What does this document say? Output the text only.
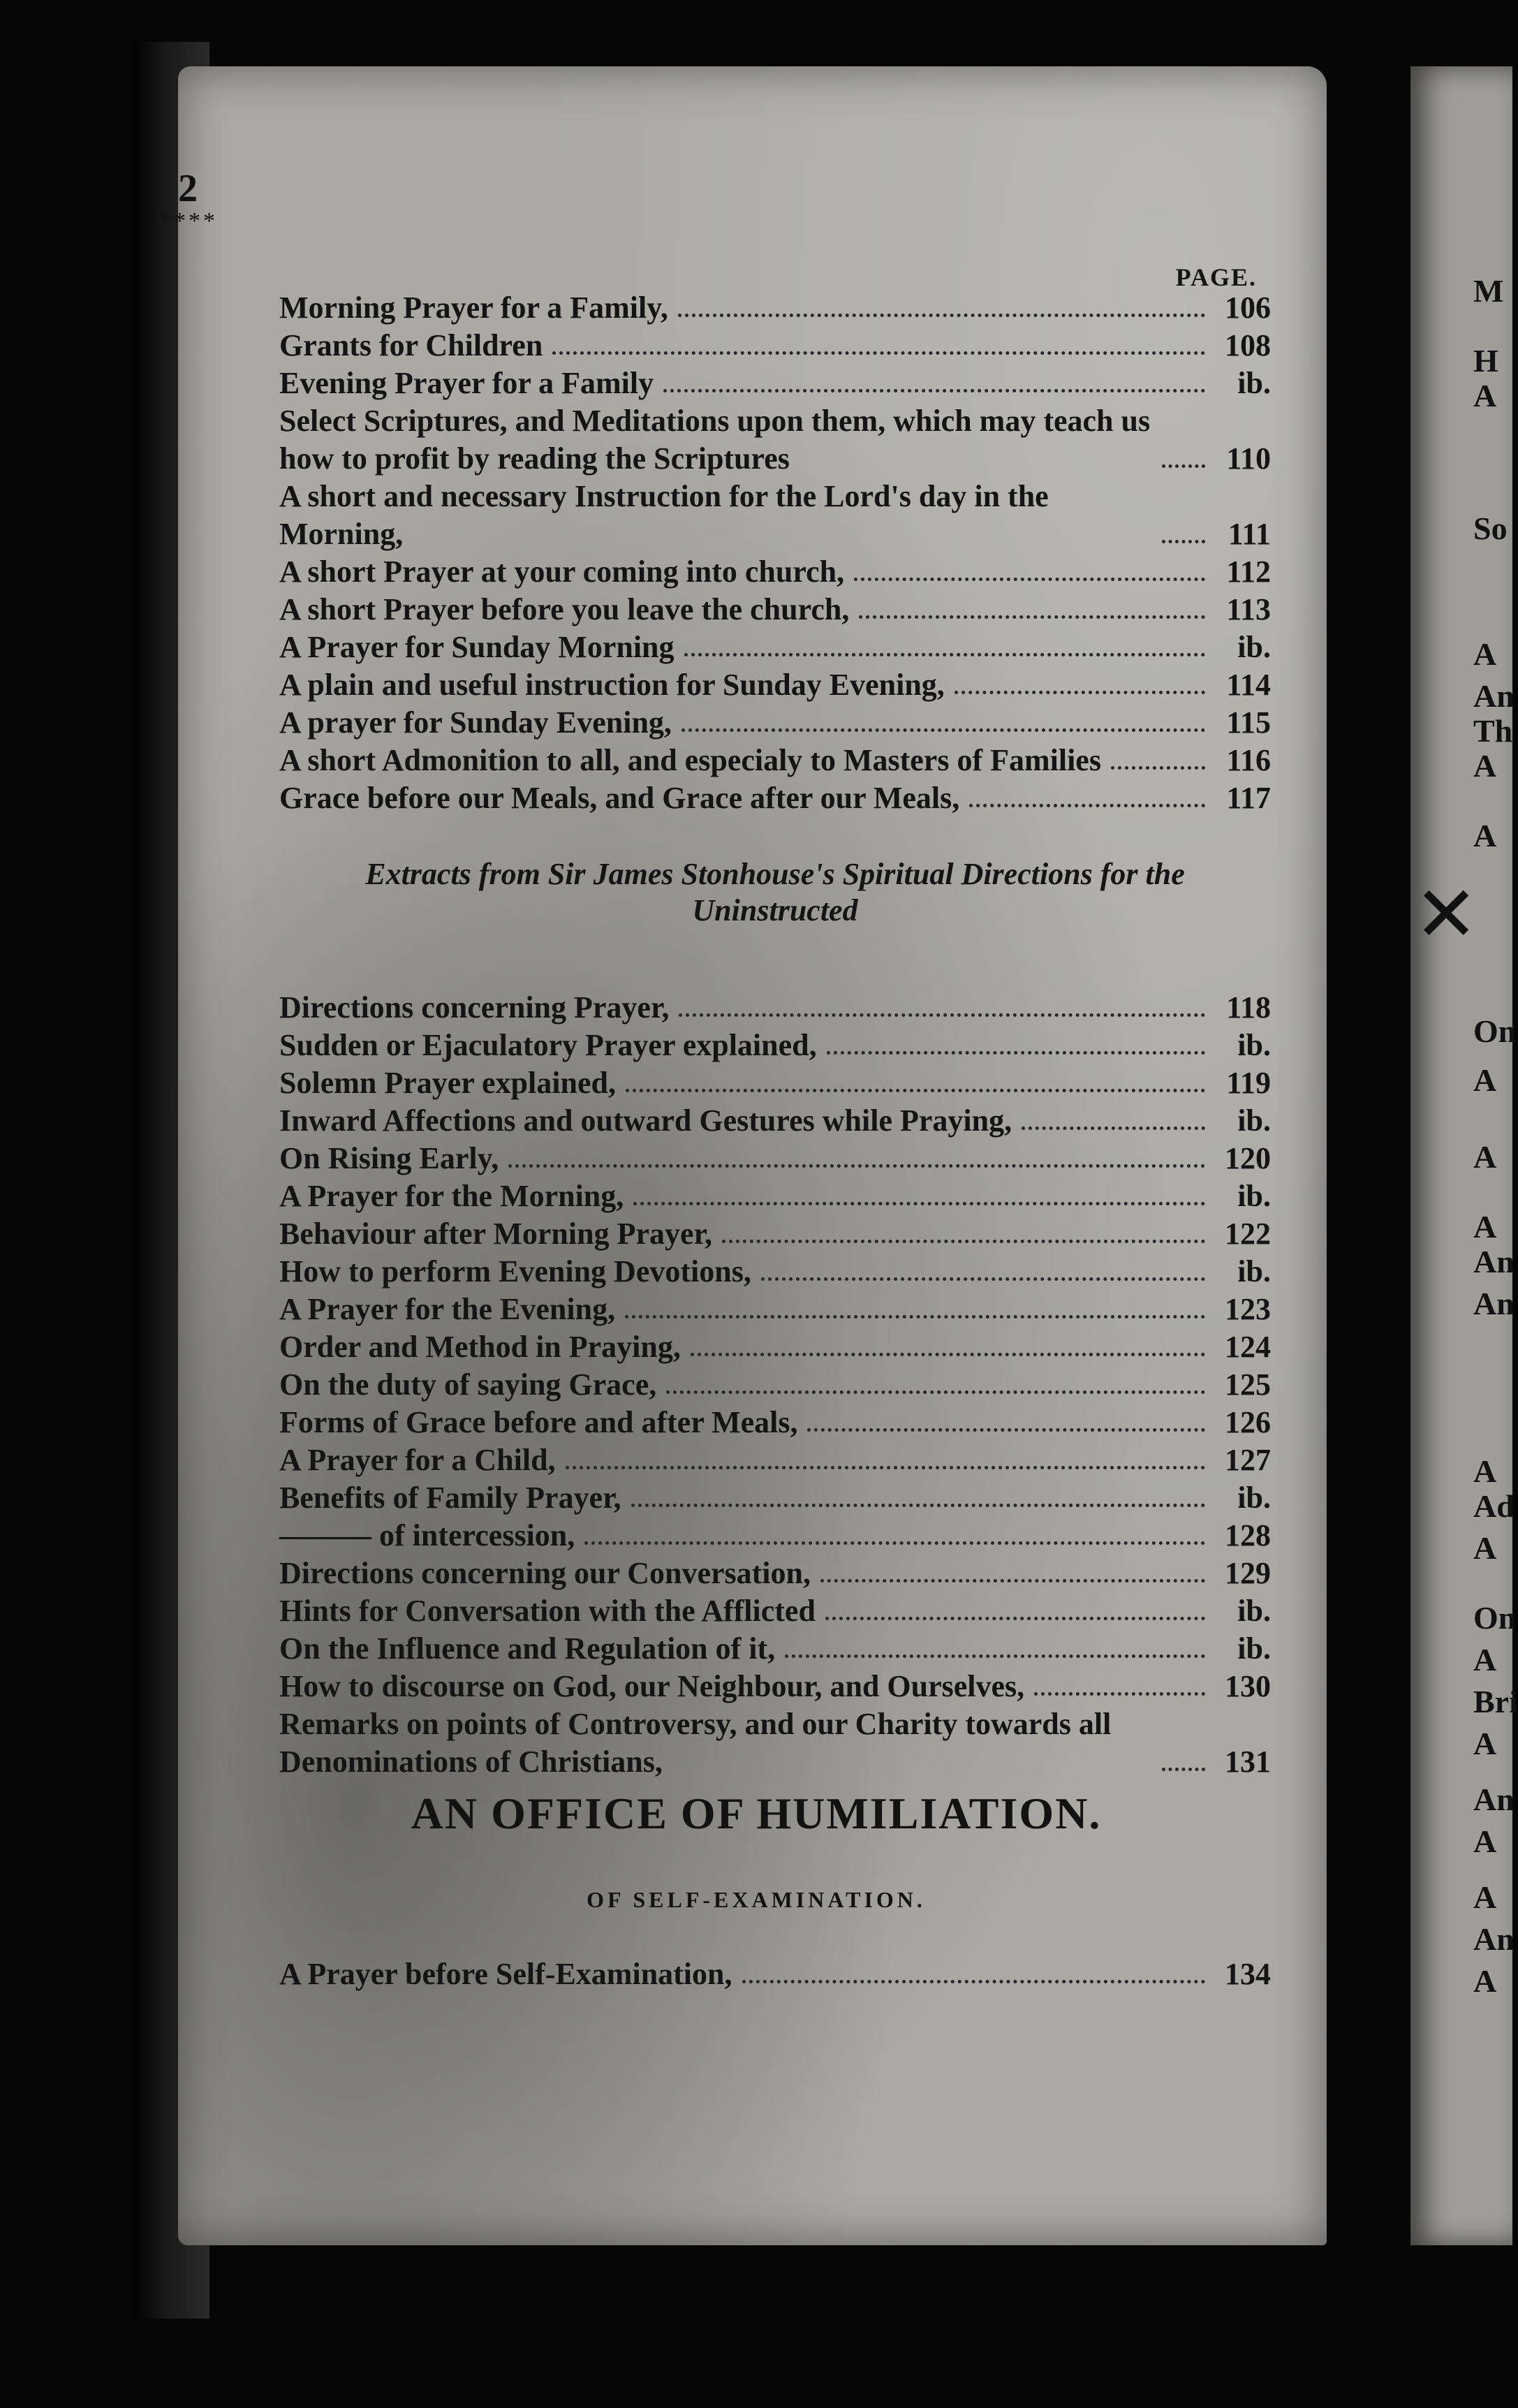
M
H
A
So
A
An
Th
A
A
On
A
A
A
An
An
A
Ad
A
On
A
Bri
A
An
A
A
An
A
✕
2
****
PAGE.
Morning Prayer for a Family,	106
Grants for Children	108
Evening Prayer for a Family	ib.
Select Scriptures, and Meditations upon them, which may teach us how to profit by reading the Scriptures	110
A short and necessary Instruction for the Lord's day in the Morning,	111
A short Prayer at your coming into church,	112
A short Prayer before you leave the church,	113
A Prayer for Sunday Morning	ib.
A plain and useful instruction for Sunday Evening,	114
A prayer for Sunday Evening,	115
A short Admonition to all, and especialy to Masters of Families	116
Grace before our Meals, and Grace after our Meals,	117
Extracts from Sir James Stonhouse's Spiritual Directions for the Uninstructed
Directions concerning Prayer,	118
Sudden or Ejaculatory Prayer explained,	ib.
Solemn Prayer explained,	119
Inward Affections and outward Gestures while Praying,	ib.
On Rising Early,	120
A Prayer for the Morning,	ib.
Behaviour after Morning Prayer,	122
How to perform Evening Devotions,	ib.
A Prayer for the Evening,	123
Order and Method in Praying,	124
On the duty of saying Grace,	125
Forms of Grace before and after Meals,	126
A Prayer for a Child,	127
Benefits of Family Prayer,	ib.
——— of intercession,	128
Directions concerning our Conversation,	129
Hints for Conversation with the Afflicted	ib.
On the Influence and Regulation of it,	ib.
How to discourse on God, our Neighbour, and Ourselves,	130
Remarks on points of Controversy, and our Charity towards all Denominations of Christians,	131
AN OFFICE OF HUMILIATION.
OF SELF-EXAMINATION.
A Prayer before Self-Examination,	134
